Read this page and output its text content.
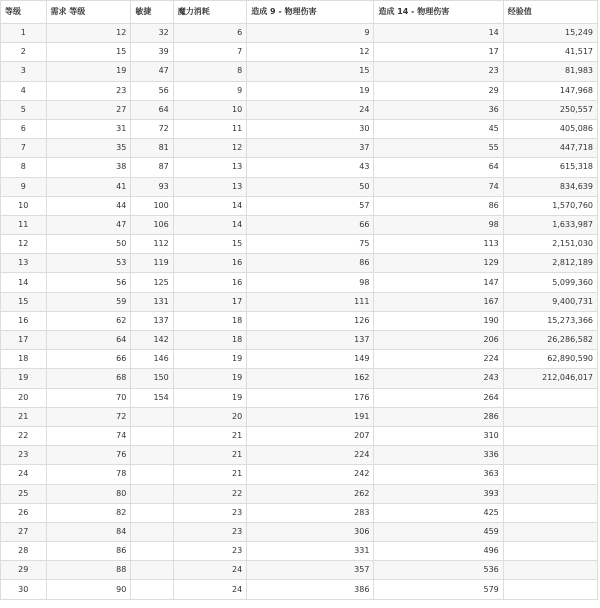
等级	需求 等级	敏捷	魔力消耗	造成 9 - 物理伤害	造成 14 - 物理伤害	经验值
1	12	32	6	9	14	15,249
2	15	39	7	12	17	41,517
3	19	47	8	15	23	81,983
4	23	56	9	19	29	147,968
5	27	64	10	24	36	250,557
6	31	72	11	30	45	405,086
7	35	81	12	37	55	447,718
8	38	87	13	43	64	615,318
9	41	93	13	50	74	834,639
10	44	100	14	57	86	1,570,760
11	47	106	14	66	98	1,633,987
12	50	112	15	75	113	2,151,030
13	53	119	16	86	129	2,812,189
14	56	125	16	98	147	5,099,360
15	59	131	17	111	167	9,400,731
16	62	137	18	126	190	15,273,366
17	64	142	18	137	206	26,286,582
18	66	146	19	149	224	62,890,590
19	68	150	19	162	243	212,046,017
20	70	154	19	176	264	
21	72		20	191	286	
22	74		21	207	310	
23	76		21	224	336	
24	78		21	242	363	
25	80		22	262	393	
26	82		23	283	425	
27	84		23	306	459	
28	86		23	331	496	
29	88		24	357	536	
30	90		24	386	579	
